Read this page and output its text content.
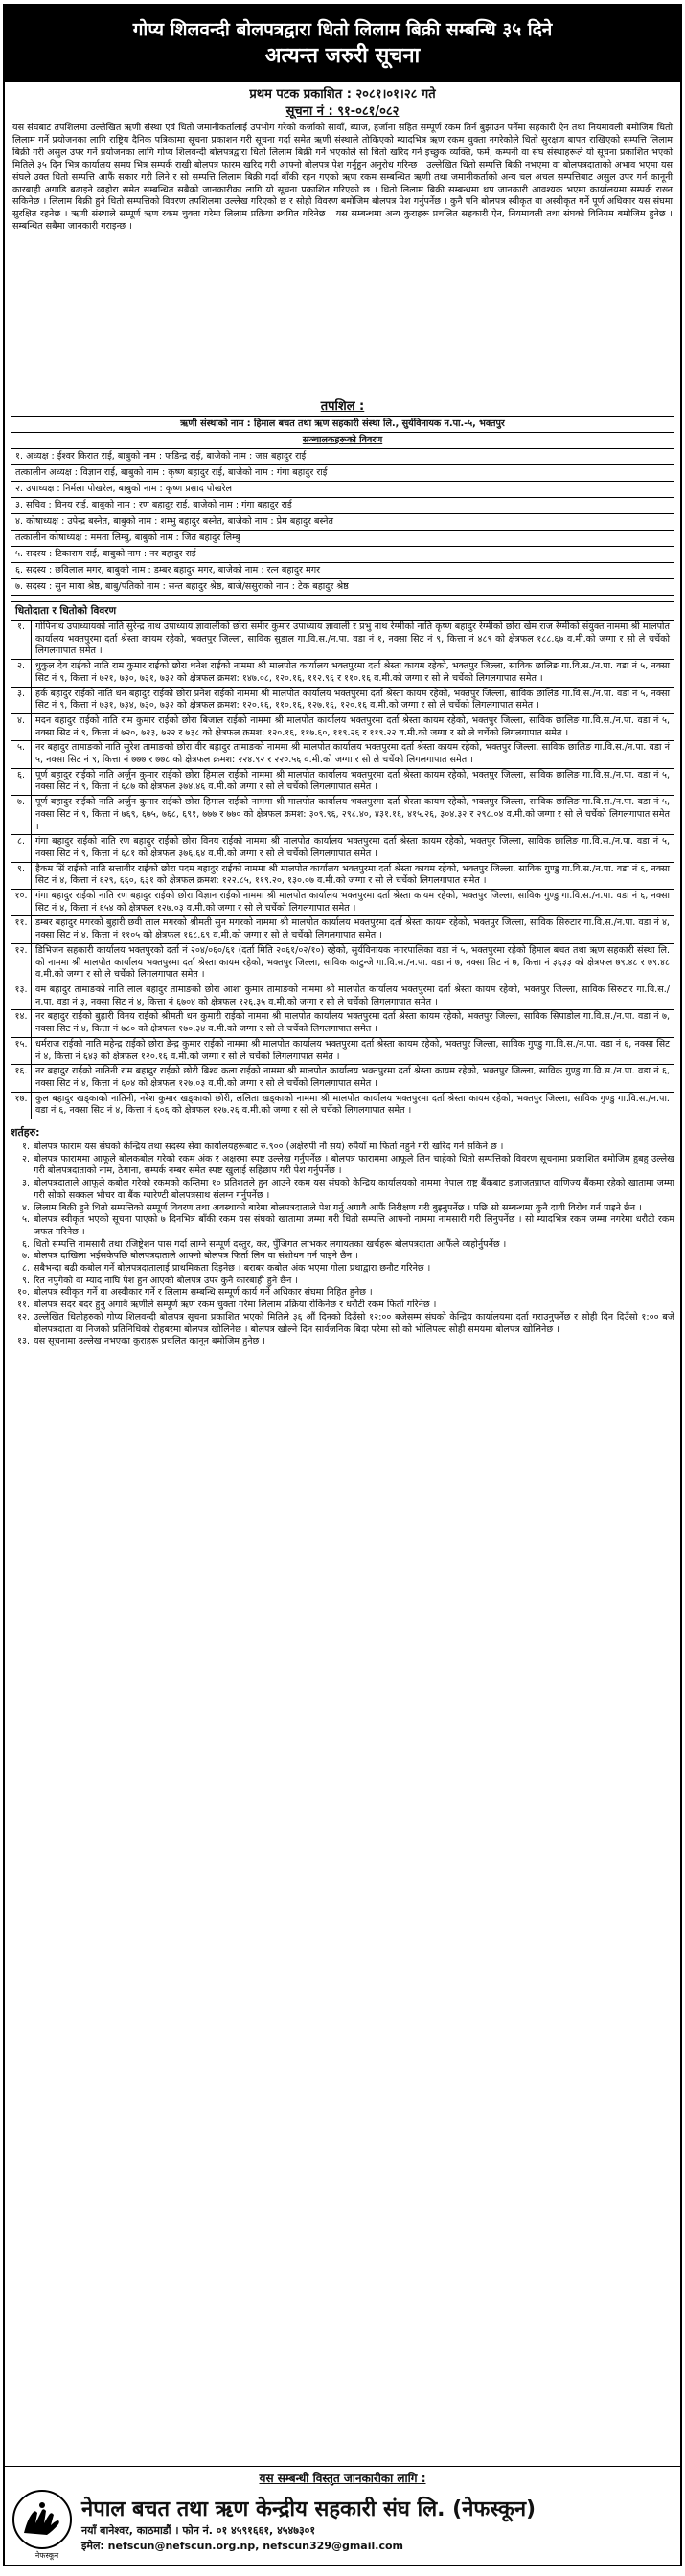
गोप्य शिलवन्दी बोलपत्रद्वारा धितो लिलाम बिक्री सम्बन्धि ३५ दिने
अत्यन्त जरुरी सूचना
प्रथम पटक प्रकाशित : २०८१।०१।२८ गते
सूचना नं : ९१-०८१/०८२
यस संघबाट तपशिलमा उल्लेखित ऋणी संस्था एवं धितो जमानीकर्तालाई उपभोग गरेको कर्जाको सावाँ, ब्याज, हर्जाना सहित सम्पूर्ण रकम तिर्न बुझाउन पर्नेमा सहकारी ऐन तथा नियमावली बमोजिम धितो लिलाम गर्ने प्रयोजनका लागि राष्ट्रिय दैनिक पत्रिकामा सूचना प्रकाशन गरी सूचना गर्दा समेत ऋणी संस्थाले तोकिएको म्यादभित्र ऋण रकम चुक्ता नगरेकोले धितो सुरक्षण बापत राखिएको सम्पत्ति लिलाम बिक्री गरी असुल उपर गर्ने प्रयोजनका लागि गोप्य शिलवन्दी बोलपत्रद्वारा धितो लिलाम बिक्री गर्ने भएकोले सो धितो खरिद गर्न इच्छुक व्यक्ति, फर्म, कम्पनी वा संघ संस्थाहरूले यो सूचना प्रकाशित भएको मितिले ३५ दिन भित्र कार्यालय समय भित्र सम्पर्क राखी बोलपत्र फारम खरिद गरी आफ्नो बोलपत्र पेश गर्नुहुन अनुरोध गरिन्छ । उल्लेखित धितो सम्पत्ति बिक्री नभएमा वा बोलपत्रदाताको अभाव भएमा यस संघले उक्त धितो सम्पत्ति आफैं सकार गरी लिने र सो सम्पत्ति लिलाम बिक्री गर्दा बाँकी रहन गएको ऋण रकम सम्बन्धित ऋणी तथा जमानीकर्ताको अन्य चल अचल सम्पत्तिबाट असुल उपर गर्न कानूनी कारबाही अगाडि बढाइने व्यहोरा समेत सम्बन्धित सबैको जानकारीका लागि यो सूचना प्रकाशित गरिएको छ । धितो लिलाम बिक्री सम्बन्धमा थप जानकारी आवश्यक भएमा कार्यालयमा सम्पर्क राख्न सकिनेछ । लिलाम बिक्री हुने धितो सम्पत्तिको विवरण तपशिलमा उल्लेख गरिएको छ र सोही विवरण बमोजिम बोलपत्र पेश गर्नुपर्नेछ । कुनै पनि बोलपत्र स्वीकृत वा अस्वीकृत गर्ने पूर्ण अधिकार यस संघमा सुरक्षित रहनेछ । ऋणी संस्थाले सम्पूर्ण ऋण रकम चुक्ता गरेमा लिलाम प्रक्रिया स्थगित गरिनेछ । यस सम्बन्धमा अन्य कुराहरू प्रचलित सहकारी ऐन, नियमावली तथा संघको विनियम बमोजिम हुनेछ । सम्बन्धित सबैमा जानकारी गराइन्छ ।
तपशिल :
ऋणी संस्थाको नाम : हिमाल बचत तथा ऋण सहकारी संस्था लि., सुर्यविनायक न.पा.-५, भक्तपुर
सञ्चालकहरूको विवरण
१. अध्यक्ष : ईश्वर किरात राई, बाबुको नाम : फडिन्द्र राई, बाजेको नाम : जस बहादुर राई
तत्कालीन अध्यक्ष : विज्ञान राई, बाबुको नाम : कृष्ण बहादुर राई, बाजेको नाम : गंगा बहादुर राई
२. उपाध्यक्ष : निर्मला पोखरेल, बाबुको नाम : कृष्ण प्रसाद पोखरेल
३. सचिव : विनय राई, बाबुको नाम : रण बहादुर राई, बाजेको नाम : गंगा बहादुर राई
४. कोषाध्यक्ष : उपेन्द्र बस्नेत, बाबुको नाम : शम्भु बहादुर बस्नेत, बाजेको नाम : प्रेम बहादुर बस्नेत
तत्कालीन कोषाध्यक्ष : ममता लिम्बु, बाबुको नाम : जित बहादुर लिम्बु
५. सदस्य : टिकाराम राई, बाबुको नाम : नर बहादुर राई
६. सदस्य : छविलाल मगर, बाबुको नाम : डम्बर बहादुर मगर, बाजेको नाम : रत्न बहादुर मगर
७. सदस्य : सुन माया श्रेष्ठ, बाबु/पतिको नाम : सन्त बहादुर श्रेष्ठ, बाजे/ससुराको नाम : टेक बहादुर श्रेष्ठ
धितोदाता र धितोको विवरण
१.	गोपिनाथ उपाध्यायको नाति सुरेन्द्र नाथ उपाध्याय ज्ञावालीको छोरा समीर कुमार उपाध्याय ज्ञावाली र प्रभु नाथ रेग्मीको नाति कृष्ण बहादुर रेग्मीको छोरा खेम राज रेग्मीको संयुक्त नाममा श्री मालपोत कार्यालय भक्तपुरमा दर्ता श्रेस्ता कायम रहेको, भक्तपुर जिल्ला, साविक सुडाल गा.वि.स./न.पा. वडा नं १, नक्सा सिट नं ९, कित्ता नं ४८९ को क्षेत्रफल १८८.६७ व.मी.को जग्गा र सो ले चर्चेको लिगलगापात समेत ।
२.	धुकुल देव राईको नाति राम कुमार राईको छोरा धनेश राईको नाममा श्री मालपोत कार्यालय भक्तपुरमा दर्ता श्रेस्ता कायम रहेको, भक्तपुर जिल्ला, साविक छालिङ गा.वि.स./न.पा. वडा नं ५, नक्सा सिट नं ९, कित्ता नं ७२१, ७३०, ७३१, ७३२ को क्षेत्रफल क्रमश: १४७.०८, १२०.१६, ११२.९६ र ११०.१६ व.मी.को जग्गा र सो ले चर्चेको लिगलगापात समेत ।
३.	हर्क बहादुर राईको नाति धन बहादुर राईको छोरा प्रनेश राईको नाममा श्री मालपोत कार्यालय भक्तपुरमा दर्ता श्रेस्ता कायम रहेको, भक्तपुर जिल्ला, साविक छालिङ गा.वि.स./न.पा. वडा नं ५, नक्सा सिट नं ९, कित्ता नं ७३१, ७३४, ७३०, ७३२ को क्षेत्रफल क्रमश: १२०.१६, ११०.१६, १२७.१६, १२०.१६ व.मी.को जग्गा र सो ले चर्चेको लिगलगापात समेत ।
४.	मदन बहादुर राईको नाति राम कुमार राईको छोरा बिजाल राईको नाममा श्री मालपोत कार्यालय भक्तपुरमा दर्ता श्रेस्ता कायम रहेको, भक्तपुर जिल्ला, साविक छालिङ गा.वि.स./न.पा. वडा नं ५, नक्सा सिट नं ९, कित्ता नं ७२०, ७२३, ७२२ र ७३८ को क्षेत्रफल क्रमश: १२०.१६, ११७.६०, ११९.२६ र ११९.२२ व.मी.को जग्गा र सो ले चर्चेको लिगलगापात समेत ।
५.	नर बहादुर तामाङको नाति सुरेश तामाङको छोरा वीर बहादुर तामाङको नाममा श्री मालपोत कार्यालय भक्तपुरमा दर्ता श्रेस्ता कायम रहेको, भक्तपुर जिल्ला, साविक छालिङ गा.वि.स./न.पा. वडा नं ५, नक्सा सिट नं ९, कित्ता नं ७७७ र ७७८ को क्षेत्रफल क्रमश: २२४.९२ र २२०.५६ व.मी.को जग्गा र सो ले चर्चेको लिगलगापात समेत ।
६.	पूर्ण बहादुर राईको नाति अर्जुन कुमार राईको छोरा हिमाल राईको नाममा श्री मालपोत कार्यालय भक्तपुरमा दर्ता श्रेस्ता कायम रहेको, भक्तपुर जिल्ला, साविक छालिङ गा.वि.स./न.पा. वडा नं ५, नक्सा सिट नं ९, कित्ता नं ६८७ को क्षेत्रफल ३७४.४६ व.मी.को जग्गा र सो ले चर्चेको लिगलगापात समेत ।
७.	पूर्ण बहादुर राईको नाति अर्जुन कुमार राईको छोरा हिमाल राईको नाममा श्री मालपोत कार्यालय भक्तपुरमा दर्ता श्रेस्ता कायम रहेको, भक्तपुर जिल्ला, साविक छालिङ गा.वि.स./न.पा. वडा नं ५, नक्सा सिट नं ९, कित्ता नं ७६९, ६७५, ७६८, ६९१, ७७७ र ७७० को क्षेत्रफल क्रमश: ३०९.९६, २९८.४०, ४३१.१६, ४१५.२६, ३०४.३२ र २९८.०४ व.मी.को जग्गा र सो ले चर्चेको लिगलगापात समेत ।
८.	गंगा बहादुर राईको नाति रण बहादुर राईको छोरा विनय राईको नाममा श्री मालपोत कार्यालय भक्तपुरमा दर्ता श्रेस्ता कायम रहेको, भक्तपुर जिल्ला, साविक छालिङ गा.वि.स./न.पा. वडा नं ५, नक्सा सिट नं ९, कित्ता नं ६८१ को क्षेत्रफल ३७६.६४ व.मी.को जग्गा र सो ले चर्चेको लिगलगापात समेत ।
९.	हैकम सिं राईको नाति सत्तावीर राईको छोरा पदम बहादुर राईको नाममा श्री मालपोत कार्यालय भक्तपुरमा दर्ता श्रेस्ता कायम रहेको, भक्तपुर जिल्ला, साविक गुण्डु गा.वि.स./न.पा. वडा नं ६, नक्सा सिट नं ४, कित्ता नं ६२९, ६६०, ६३१ को क्षेत्रफल क्रमश: १२२.८५, ११९.२०, १३०.०७ व.मी.को जग्गा र सो ले चर्चेको लिगलगापात समेत ।
१०. गंगा बहादुर राईको नाति रण बहादुर राईको छोरा विज्ञान राईको नाममा श्री मालपोत कार्यालय भक्तपुरमा दर्ता श्रेस्ता कायम रहेको, भक्तपुर जिल्ला, साविक गुण्डु गा.वि.स./न.पा. वडा नं ६, नक्सा सिट नं ४, कित्ता नं ६५४ को क्षेत्रफल १२७.०३ व.मी.को जग्गा र सो ले चर्चेको लिगलगापात समेत ।
११. डम्बर बहादुर मगरको बुहारी छवी लाल मगरको श्रीमती सुन मगरको नाममा श्री मालपोत कार्यालय भक्तपुरमा दर्ता श्रेस्ता कायम रहेको, भक्तपुर जिल्ला, साविक सिरुटार गा.वि.स./न.पा. वडा नं ४, नक्सा सिट नं ४, कित्ता नं ११०५ को क्षेत्रफल १६८.६९ व.मी.को जग्गा र सो ले चर्चेको लिगलगापात समेत ।
१२. डिभिजन सहकारी कार्यालय भक्तपुरको दर्ता नं २०४/०६०/६१ (दर्ता मिति २०६१/०२/१०) रहेको, सुर्यविनायक नगरपालिका वडा नं ५, भक्तपुरमा रहेको हिमाल बचत तथा ऋण सहकारी संस्था लि. को नाममा श्री मालपोत कार्यालय भक्तपुरमा दर्ता श्रेस्ता कायम रहेको, भक्तपुर जिल्ला, साविक काटुन्जे गा.वि.स./न.पा. वडा नं ७, नक्सा सिट नं ७, कित्ता नं ३६३३ को क्षेत्रफल ७९.४८ र ७९.४८ व.मी.को जग्गा र सो ले चर्चेको लिगलगापात समेत ।
१३. वम बहादुर तामाङको नाति लाल बहादुर तामाङको छोरा आशा कुमार तामाङको नाममा श्री मालपोत कार्यालय भक्तपुरमा दर्ता श्रेस्ता कायम रहेको, भक्तपुर जिल्ला, साविक सिरुटार गा.वि.स./न.पा. वडा नं ३, नक्सा सिट नं ४, कित्ता नं ६७०४ को क्षेत्रफल १२६.३५ व.मी.को जग्गा र सो ले चर्चेको लिगलगापात समेत ।
१४. नर बहादुर राईको बुहारी विनय राईको श्रीमती धन कुमारी राईको नाममा श्री मालपोत कार्यालय भक्तपुरमा दर्ता श्रेस्ता कायम रहेको, भक्तपुर जिल्ला, साविक सिपाडोल गा.वि.स./न.पा. वडा नं ७, नक्सा सिट नं ४, कित्ता नं ७८० को क्षेत्रफल १७०.३४ व.मी.को जग्गा र सो ले चर्चेको लिगलगापात समेत ।
१५. धर्मराज राईको नाति महेन्द्र राईको छोरा डेन्द्र कुमार राईको नाममा श्री मालपोत कार्यालय भक्तपुरमा दर्ता श्रेस्ता कायम रहेको, भक्तपुर जिल्ला, साविक गुण्डु गा.वि.स./न.पा. वडा नं ६, नक्सा सिट नं ४, कित्ता नं ६४३ को क्षेत्रफल १२०.१६ व.मी.को जग्गा र सो ले चर्चेको लिगलगापात समेत ।
१६. नर बहादुर राईको नातिनी राम बहादुर राईको छोरी बिश्व कला राईको नाममा श्री मालपोत कार्यालय भक्तपुरमा दर्ता श्रेस्ता कायम रहेको, भक्तपुर जिल्ला, साविक गुण्डु गा.वि.स./न.पा. वडा नं ६, नक्सा सिट नं ४, कित्ता नं ६०४ को क्षेत्रफल १२७.०३ व.मी.को जग्गा र सो ले चर्चेको लिगलगापात समेत ।
१७. कुल बहादुर खड्काको नातिनी, नरेश कुमार खड्काको छोरी, ललिता खड्काको नाममा श्री मालपोत कार्यालय भक्तपुरमा दर्ता श्रेस्ता कायम रहेको, भक्तपुर जिल्ला, साविक गुण्डु गा.वि.स./न.पा. वडा नं ६, नक्सा सिट नं ४, कित्ता नं ६०६ को क्षेत्रफल १२७.२६ व.मी.को जग्गा र सो ले चर्चेको लिगलगापात समेत ।
शर्तहरु:
१. बोलपत्र फाराम यस संघको केन्द्रिय तथा सदस्य सेवा कार्यालयहरूबाट रु.९०० (अक्षेरुपी नौ सय) रुपैयाँ मा फिर्ता नहुने गरी खरिद गर्न सकिने छ ।
२. बोलपत्र फाराममा आफूले बोलकबोल गरेको रकम अंक र अक्षरमा स्पष्ट उल्लेख गर्नुपर्नेछ । बोलपत्र फाराममा आफूले लिन चाहेको धितो सम्पत्तिको विवरण सूचनामा प्रकाशित बमोजिम हुबहु उल्लेख गरी बोलपत्रदाताको नाम, ठेगाना, सम्पर्क नम्बर समेत स्पष्ट खुलाई सहिछाप गरी पेश गर्नुपर्नेछ ।
३. बोलपत्रदाताले आफूले कबोल गरेको रकमको कम्तिमा १० प्रतिशतले हुन आउने रकम यस संघको केन्द्रिय कार्यालयको नाममा नेपाल राष्ट्र बैंकबाट इजाजतप्राप्त वाणिज्य बैंकमा रहेको खातामा जम्मा गरी सोको सक्कल भौचर वा बैंक ग्यारेण्टी बोलपत्रसाथ संलग्न गर्नुपर्नेछ ।
४. लिलाम बिक्री हुने धितो सम्पत्तिको सम्पूर्ण विवरण तथा अवस्थाको बारेमा बोलपत्रदाताले पेश गर्नु अगावै आफैं निरीक्षण गरी बुझ्नुपर्नेछ । पछि सो सम्बन्धमा कुनै दावी विरोध गर्न पाइने छैन ।
५. बोलपत्र स्वीकृत भएको सूचना पाएको ७ दिनभित्र बाँकी रकम यस संघको खातामा जम्मा गरी धितो सम्पत्ति आफ्नो नाममा नामसारी गरी लिनुपर्नेछ । सो म्यादभित्र रकम जम्मा नगरेमा धरौटी रकम जफत गरिनेछ ।
६. धितो सम्पत्ति नामसारी तथा रजिष्ट्रेशन पास गर्दा लाग्ने सम्पूर्ण दस्तुर, कर, पुँजिगत लाभकर लगायतका खर्चहरू बोलपत्रदाता आफैंले व्यहोर्नुपर्नेछ ।
७. बोलपत्र दाखिला भईसकेपछि बोलपत्रदाताले आफ्नो बोलपत्र फिर्ता लिन वा संशोधन गर्न पाइने छैन ।
८. सबैभन्दा बढी कबोल गर्ने बोलपत्रदातालाई प्राथमिकता दिइनेछ । बराबर कबोल अंक भएमा गोला प्रथाद्वारा छनौट गरिनेछ ।
९. रित नपुगेको वा म्याद नाघि पेश हुन आएको बोलपत्र उपर कुनै कारबाही हुने छैन ।
१०. बोलपत्र स्वीकृत गर्ने वा अस्वीकार गर्ने र लिलाम सम्बन्धि सम्पूर्ण कार्य गर्ने अधिकार संघमा निहित हुनेछ ।
११. बोलपत्र सदर बदर हुनु अगावै ऋणीले सम्पूर्ण ऋण रकम चुक्ता गरेमा लिलाम प्रक्रिया रोकिनेछ र धरौटी रकम फिर्ता गरिनेछ ।
१२. उल्लेखित धितोहरुको गोप्य शिलवन्दी बोलपत्र सूचना प्रकाशित भएको मितिले ३६ औं दिनको दिउँसो १२:०० बजेसम्म संघको केन्द्रिय कार्यालयमा दर्ता गराउनुपर्नेछ र सोही दिन दिउँसो १:०० बजे बोलपत्रदाता वा निजको प्रतिनिधिको रोहबरमा बोलपत्र खोलिनेछ । बोलपत्र खोल्ने दिन सार्वजनिक बिदा परेमा सो को भोलिपल्ट सोही समयमा बोलपत्र खोलिनेछ ।
१३. यस सूचनामा उल्लेख नभएका कुराहरू प्रचलित कानून बमोजिम हुनेछ ।
यस सम्बन्धी विस्तृत जानकारीका लागि :
नेफस्कून
नेपाल बचत तथा ऋण केन्द्रीय सहकारी संघ लि. (नेफस्कून)
नयाँ बानेश्वर, काठमाडौं । फोन नं. ०१ ४५९१६६१, ४५४७३०१
इमेल: nefscun@nefscun.org.np, nefscun329@gmail.com
